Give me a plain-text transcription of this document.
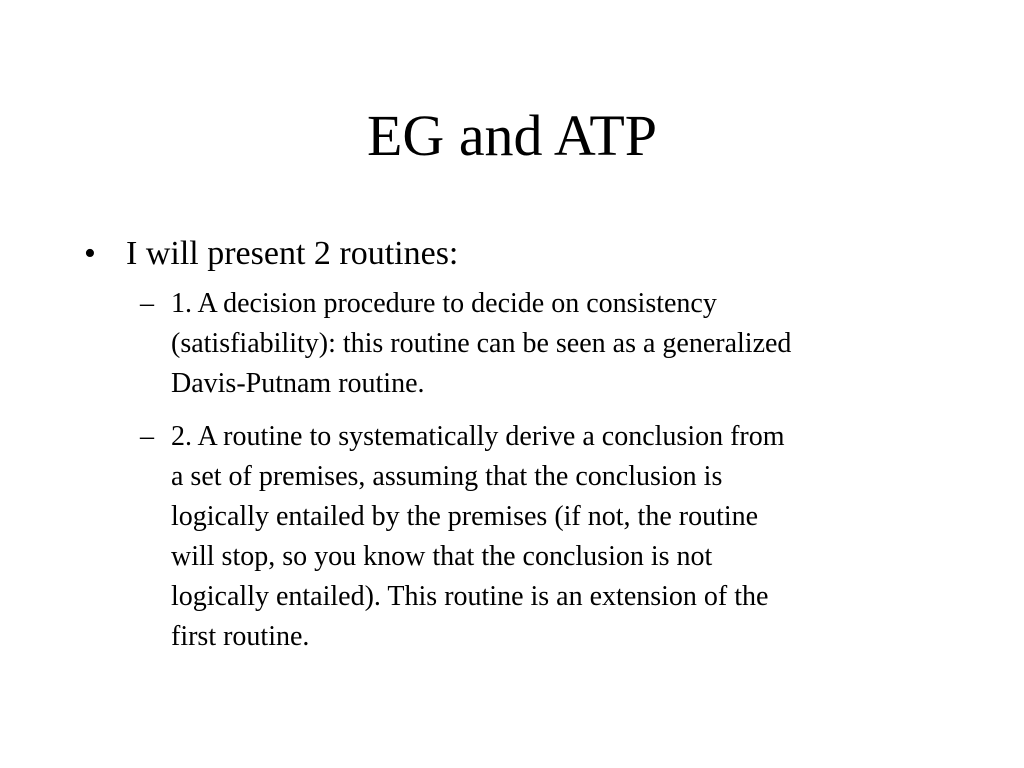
EG and ATP
• I will present 2 routines:
– 1. A decision procedure to decide on consistency
(satisfiability): this routine can be seen as a generalized
Davis-Putnam routine.
– 2. A routine to systematically derive a conclusion from
a set of premises, assuming that the conclusion is
logically entailed by the premises (if not, the routine
will stop, so you know that the conclusion is not
logically entailed). This routine is an extension of the
first routine.
